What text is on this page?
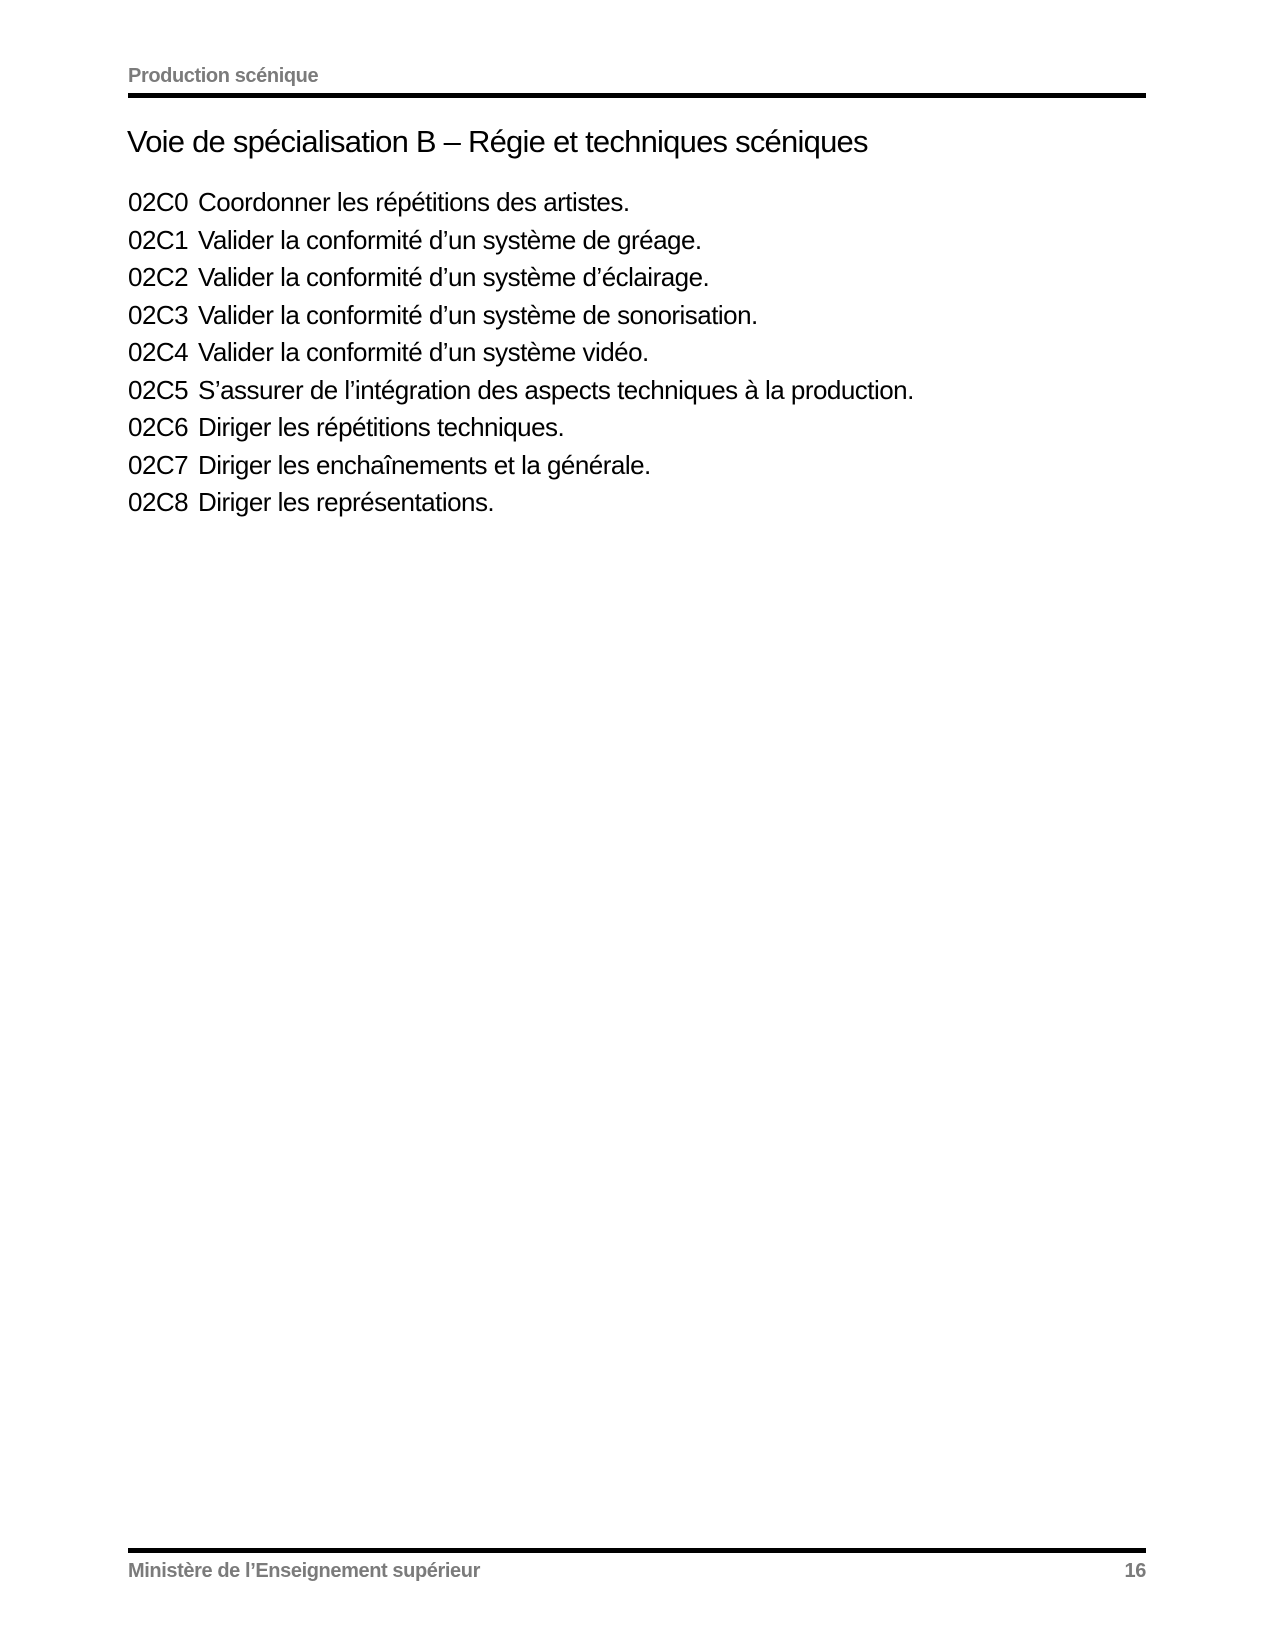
Production scénique
Voie de spécialisation B – Régie et techniques scéniques
02C0 Coordonner les répétitions des artistes.
02C1 Valider la conformité d’un système de gréage.
02C2 Valider la conformité d’un système d’éclairage.
02C3 Valider la conformité d’un système de sonorisation.
02C4 Valider la conformité d’un système vidéo.
02C5 S’assurer de l’intégration des aspects techniques à la production.
02C6 Diriger les répétitions techniques.
02C7 Diriger les enchaînements et la générale.
02C8 Diriger les représentations.
Ministère de l’Enseignement supérieur	16
